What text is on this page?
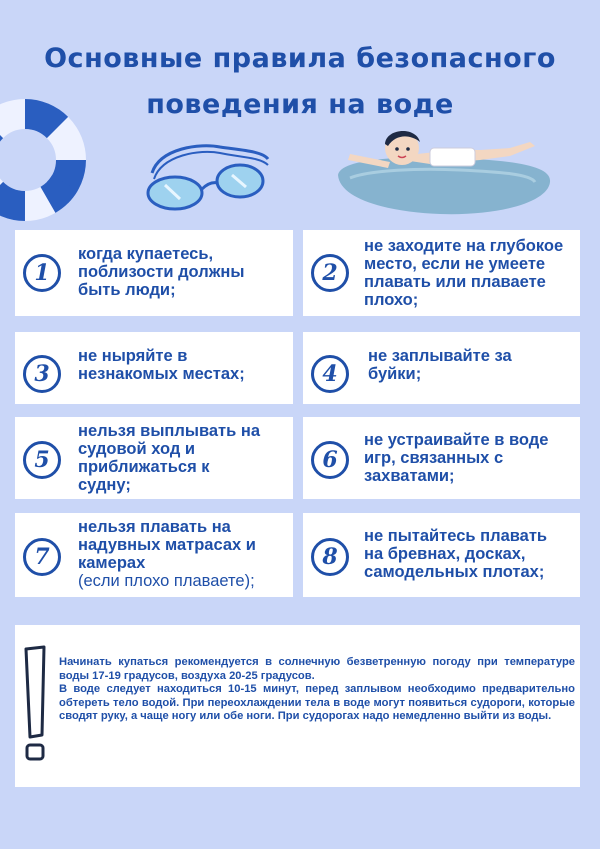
Основные правила безопасного
поведения на воде
1
когда купаетесь,
поблизости должны
быть люди;
2
не заходите на глубокое
место, если не умеете
плавать или плаваете
плохо;
3
не ныряйте в
незнакомых местах;	4
не заплывайте за
буйки;
5
нельзя выплывать на
судовой ход и
приближаться к
судну;
6
не устраивайте в воде
игр, связанных с
захватами;
7
нельзя плавать на
надувных матрасах и
камерах
(если плохо плаваете);
8
не пытайтесь плавать
на бревнах, досках,
самодельных плотах;

Начинать купаться рекомендуется в солнечную безветренную погоду при температуре воды 17-19 градусов, воздуха 20-25 градусов.

В воде следует находиться 10-15 минут, перед заплывом необходимо предварительно обтереть тело водой. При переохлаждении тела в воде могут появиться судороги, которые сводят руку, а чаще ногу или обе ноги. При судорогах надо немедленно выйти из воды.
